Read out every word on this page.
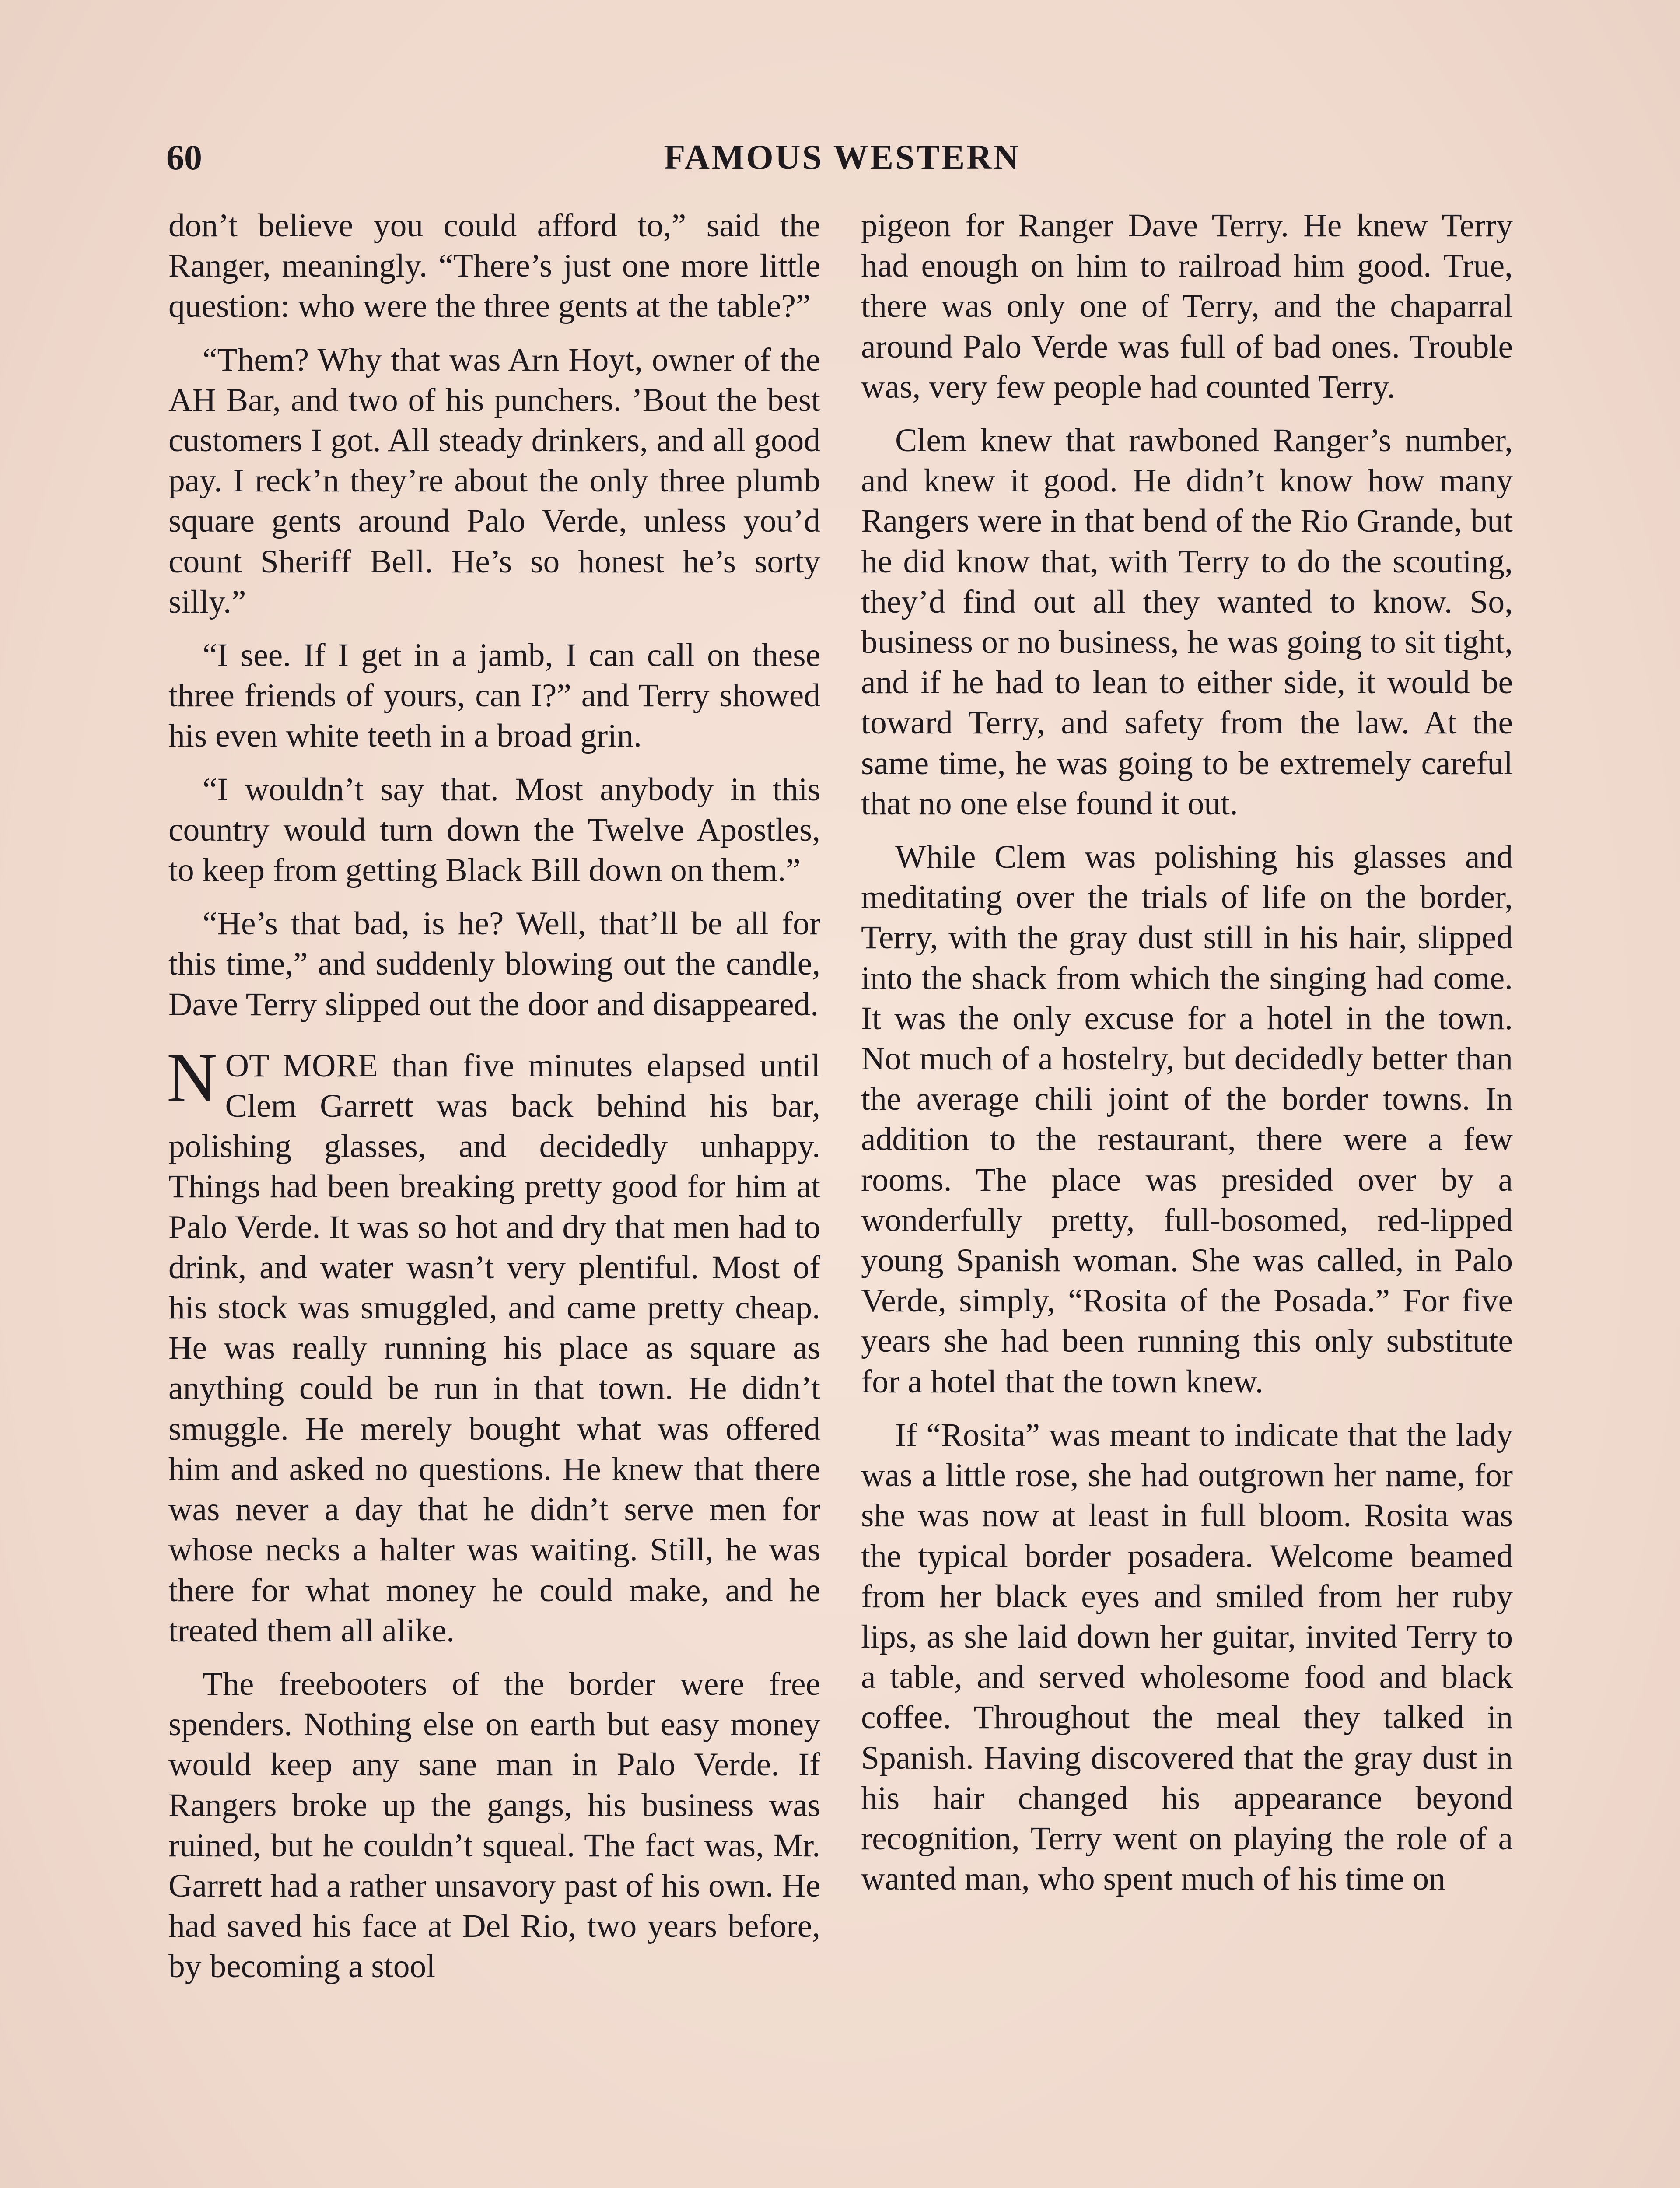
60	FAMOUS WESTERN

don’t believe you could afford to,” said the Ranger, meaningly. “There’s just one more little question: who were the three gents at the table?”

“Them? Why that was Arn Hoyt, owner of the AH Bar, and two of his punchers. ’Bout the best customers I got. All steady drinkers, and all good pay. I reck’n they’re about the only three plumb square gents around Palo Verde, unless you’d count Sheriff Bell. He’s so honest he’s sorty silly.”

“I see. If I get in a jamb, I can call on these three friends of yours, can I?” and Terry showed his even white teeth in a broad grin.

“I wouldn’t say that. Most anybody in this country would turn down the Twelve Apostles, to keep from getting Black Bill down on them.”

“He’s that bad, is he? Well, that’ll be all for this time,” and suddenly blowing out the candle, Dave Terry slipped out the door and disappeared.

NOT MORE than five minutes elapsed until Clem Garrett was back behind his bar, polishing glasses, and decidedly unhappy. Things had been breaking pretty good for him at Palo Verde. It was so hot and dry that men had to drink, and water wasn’t very plentiful. Most of his stock was smuggled, and came pretty cheap. He was really running his place as square as anything could be run in that town. He didn’t smuggle. He merely bought what was offered him and asked no questions. He knew that there was never a day that he didn’t serve men for whose necks a halter was waiting. Still, he was there for what money he could make, and he treated them all alike.

The freebooters of the border were free spenders. Nothing else on earth but easy money would keep any sane man in Palo Verde. If Rangers broke up the gangs, his business was ruined, but he couldn’t squeal. The fact was, Mr. Garrett had a rather unsavory past of his own. He had saved his face at Del Rio, two years before, by becoming a stool

pigeon for Ranger Dave Terry. He knew Terry had enough on him to railroad him good. True, there was only one of Terry, and the chaparral around Palo Verde was full of bad ones. Trouble was, very few people had counted Terry.

Clem knew that rawboned Ranger’s number, and knew it good. He didn’t know how many Rangers were in that bend of the Rio Grande, but he did know that, with Terry to do the scouting, they’d find out all they wanted to know. So, business or no business, he was going to sit tight, and if he had to lean to either side, it would be toward Terry, and safety from the law. At the same time, he was going to be extremely careful that no one else found it out.

While Clem was polishing his glasses and meditating over the trials of life on the border, Terry, with the gray dust still in his hair, slipped into the shack from which the singing had come. It was the only excuse for a hotel in the town. Not much of a hostelry, but decidedly better than the average chili joint of the border towns. In addition to the restaurant, there were a few rooms. The place was presided over by a wonderfully pretty, full-bosomed, red-lipped young Spanish woman. She was called, in Palo Verde, simply, “Rosita of the Posada.” For five years she had been running this only substitute for a hotel that the town knew.

If “Rosita” was meant to indicate that the lady was a little rose, she had outgrown her name, for she was now at least in full bloom. Rosita was the typical border posadera. Welcome beamed from her black eyes and smiled from her ruby lips, as she laid down her guitar, invited Terry to a table, and served wholesome food and black coffee. Throughout the meal they talked in Spanish. Having discovered that the gray dust in his hair changed his appearance beyond recognition, Terry went on playing the role of a wanted man, who spent much of his time on
